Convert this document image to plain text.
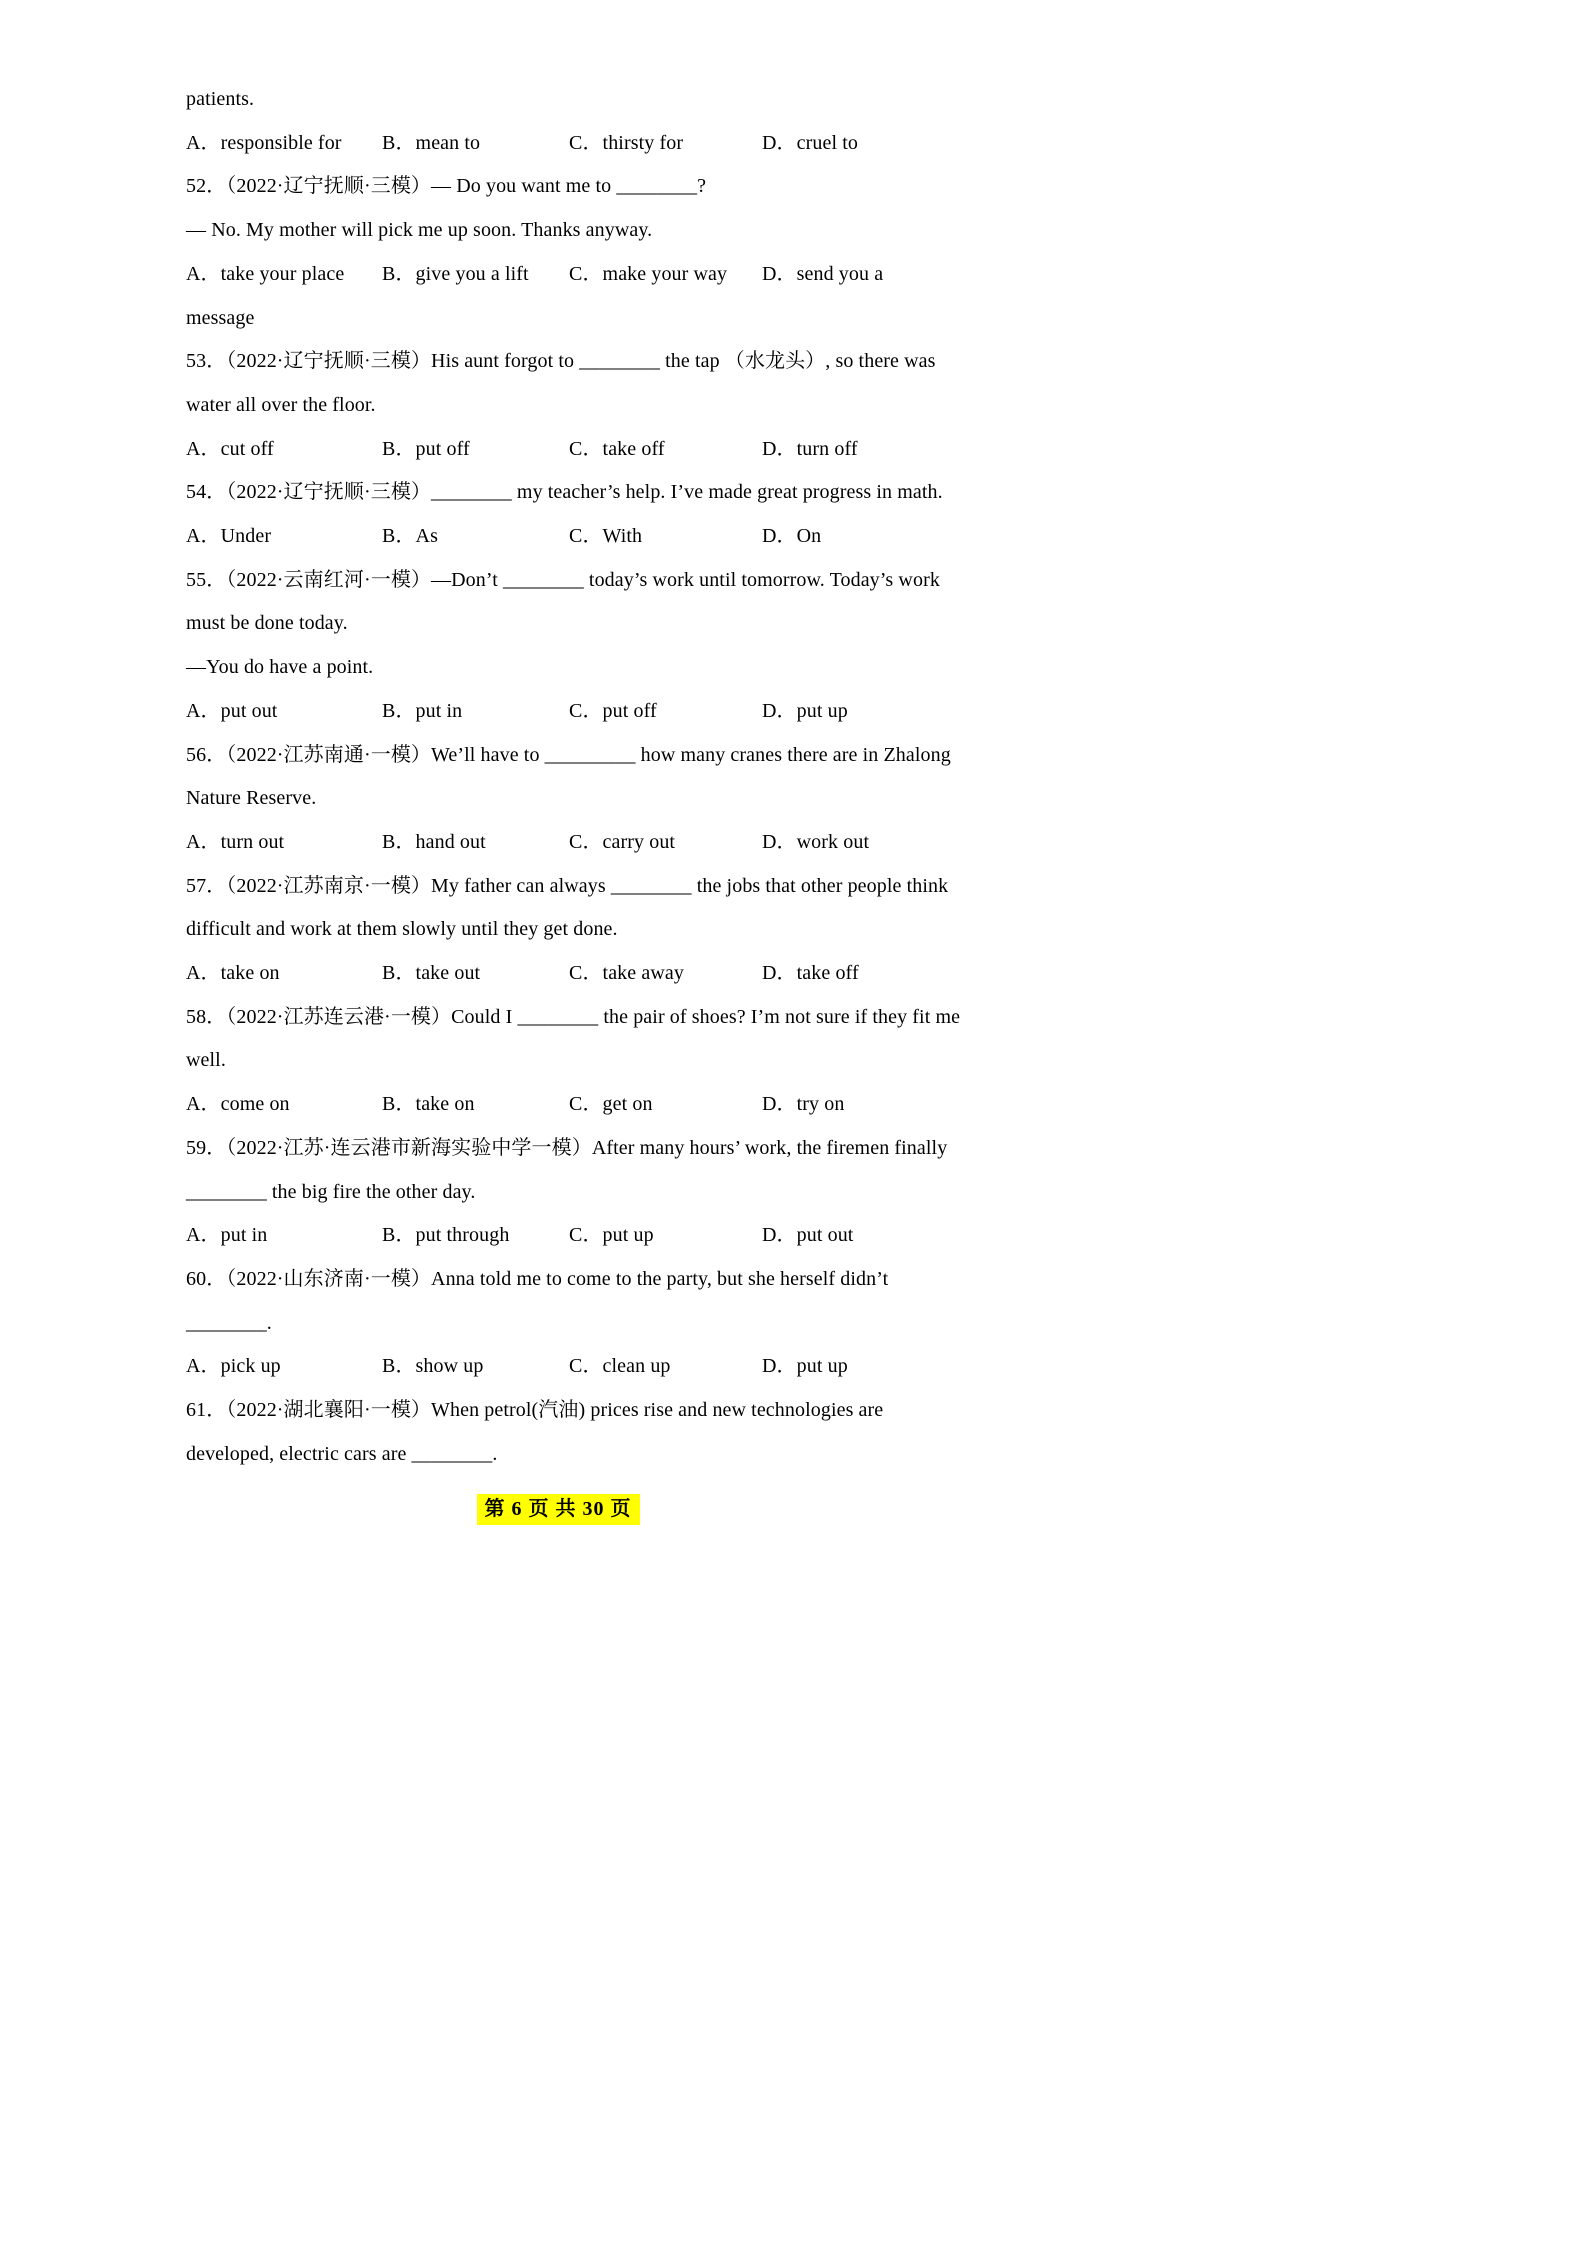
patients.
A．responsible for	B．mean to	C．thirsty for	D．cruel to
52．（2022·辽宁抚顺·三模）— Do you want me to ________?
— No. My mother will pick me up soon. Thanks anyway.
A．take your place	B．give you a lift	C．make your way	D．send you a
message
53．（2022·辽宁抚顺·三模）His aunt forgot to ________ the tap （水龙头）, so there was
water all over the floor.
A．cut off	B．put off	C．take off	D．turn off
54．（2022·辽宁抚顺·三模）________ my teacher’s help. I’ve made great progress in math.
A．Under	B．As	C．With	D．On
55．（2022·云南红河·一模）—Don’t ________ today’s work until tomorrow. Today’s work
must be done today.
—You do have a point.
A．put out	B．put in	C．put off	D．put up
56．（2022·江苏南通·一模）We’ll have to _________ how many cranes there are in Zhalong
Nature Reserve.
A．turn out	B．hand out	C．carry out	D．work out
57．（2022·江苏南京·一模）My father can always ________ the jobs that other people think
difficult and work at them slowly until they get done.
A．take on	B．take out	C．take away	D．take off
58．（2022·江苏连云港·一模）Could I ________ the pair of shoes? I’m not sure if they fit me
well.
A．come on	B．take on	C．get on	D．try on
59．（2022·江苏·连云港市新海实验中学一模）After many hours’ work, the firemen finally
________ the big fire the other day.
A．put in	B．put through	C．put up	D．put out
60．（2022·山东济南·一模）Anna told me to come to the party, but she herself didn’t
________.
A．pick up	B．show up	C．clean up	D．put up
61．（2022·湖北襄阳·一模）When petrol(汽油) prices rise and new technologies are
developed, electric cars are ________.
第 6 页 共 30 页
